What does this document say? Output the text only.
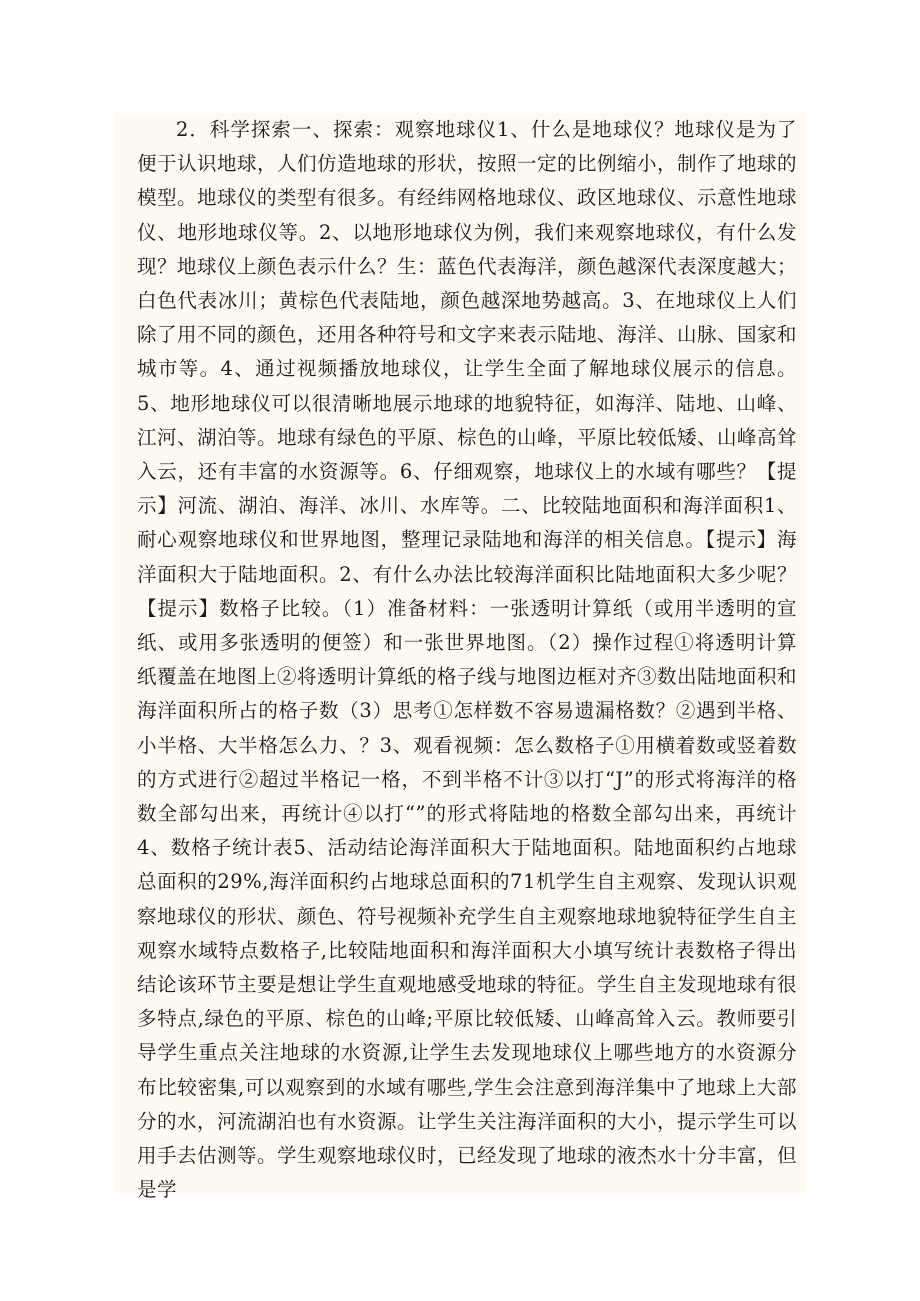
2．科学探索一、探索：观察地球仪1、什么是地球仪？地球仪是为了便于认识地球，人们仿造地球的形状，按照一定的比例缩小，制作了地球的模型。地球仪的类型有很多。有经纬网格地球仪、政区地球仪、示意性地球仪、地形地球仪等。2、以地形地球仪为例，我们来观察地球仪，有什么发现？地球仪上颜色表示什么？生：蓝色代表海洋，颜色越深代表深度越大；白色代表冰川；黄棕色代表陆地，颜色越深地势越高。3、在地球仪上人们除了用不同的颜色，还用各种符号和文字来表示陆地、海洋、山脉、国家和城市等。4、通过视频播放地球仪，让学生全面了解地球仪展示的信息。5、地形地球仪可以很清晰地展示地球的地貌特征，如海洋、陆地、山峰、江河、湖泊等。地球有绿色的平原、棕色的山峰，平原比较低矮、山峰高耸入云，还有丰富的水资源等。6、仔细观察，地球仪上的水域有哪些？【提示】河流、湖泊、海洋、冰川、水库等。二、比较陆地面积和海洋面积1、耐心观察地球仪和世界地图，整理记录陆地和海洋的相关信息。【提示】海洋面积大于陆地面积。2、有什么办法比较海洋面积比陆地面积大多少呢？【提示】数格子比较。（1）准备材料：一张透明计算纸（或用半透明的宣纸、或用多张透明的便签）和一张世界地图。（2）操作过程①将透明计算纸覆盖在地图上②将透明计算纸的格子线与地图边框对齐③数出陆地面积和海洋面积所占的格子数（3）思考①怎样数不容易遗漏格数？②遇到半格、小半格、大半格怎么力、？3、观看视频：怎么数格子①用横着数或竖着数的方式进行②超过半格记一格，不到半格不计③以打“J”的形式将海洋的格数全部勾出来，再统计④以打“”的形式将陆地的格数全部勾出来，再统计4、数格子统计表5、活动结论海洋面积大于陆地面积。陆地面积约占地球总面积的29%,海洋面积约占地球总面积的71机学生自主观察、发现认识观察地球仪的形状、颜色、符号视频补充学生自主观察地球地貌特征学生自主观察水域特点数格子,比较陆地面积和海洋面积大小填写统计表数格子得出结论该环节主要是想让学生直观地感受地球的特征。学生自主发现地球有很多特点,绿色的平原、棕色的山峰;平原比较低矮、山峰高耸入云。教师要引导学生重点关注地球的水资源,让学生去发现地球仪上哪些地方的水资源分布比较密集,可以观察到的水域有哪些,学生会注意到海洋集中了地球上大部分的水，河流湖泊也有水资源。让学生关注海洋面积的大小，提示学生可以用手去估测等。学生观察地球仪时，已经发现了地球的液杰水十分丰富，但是学
